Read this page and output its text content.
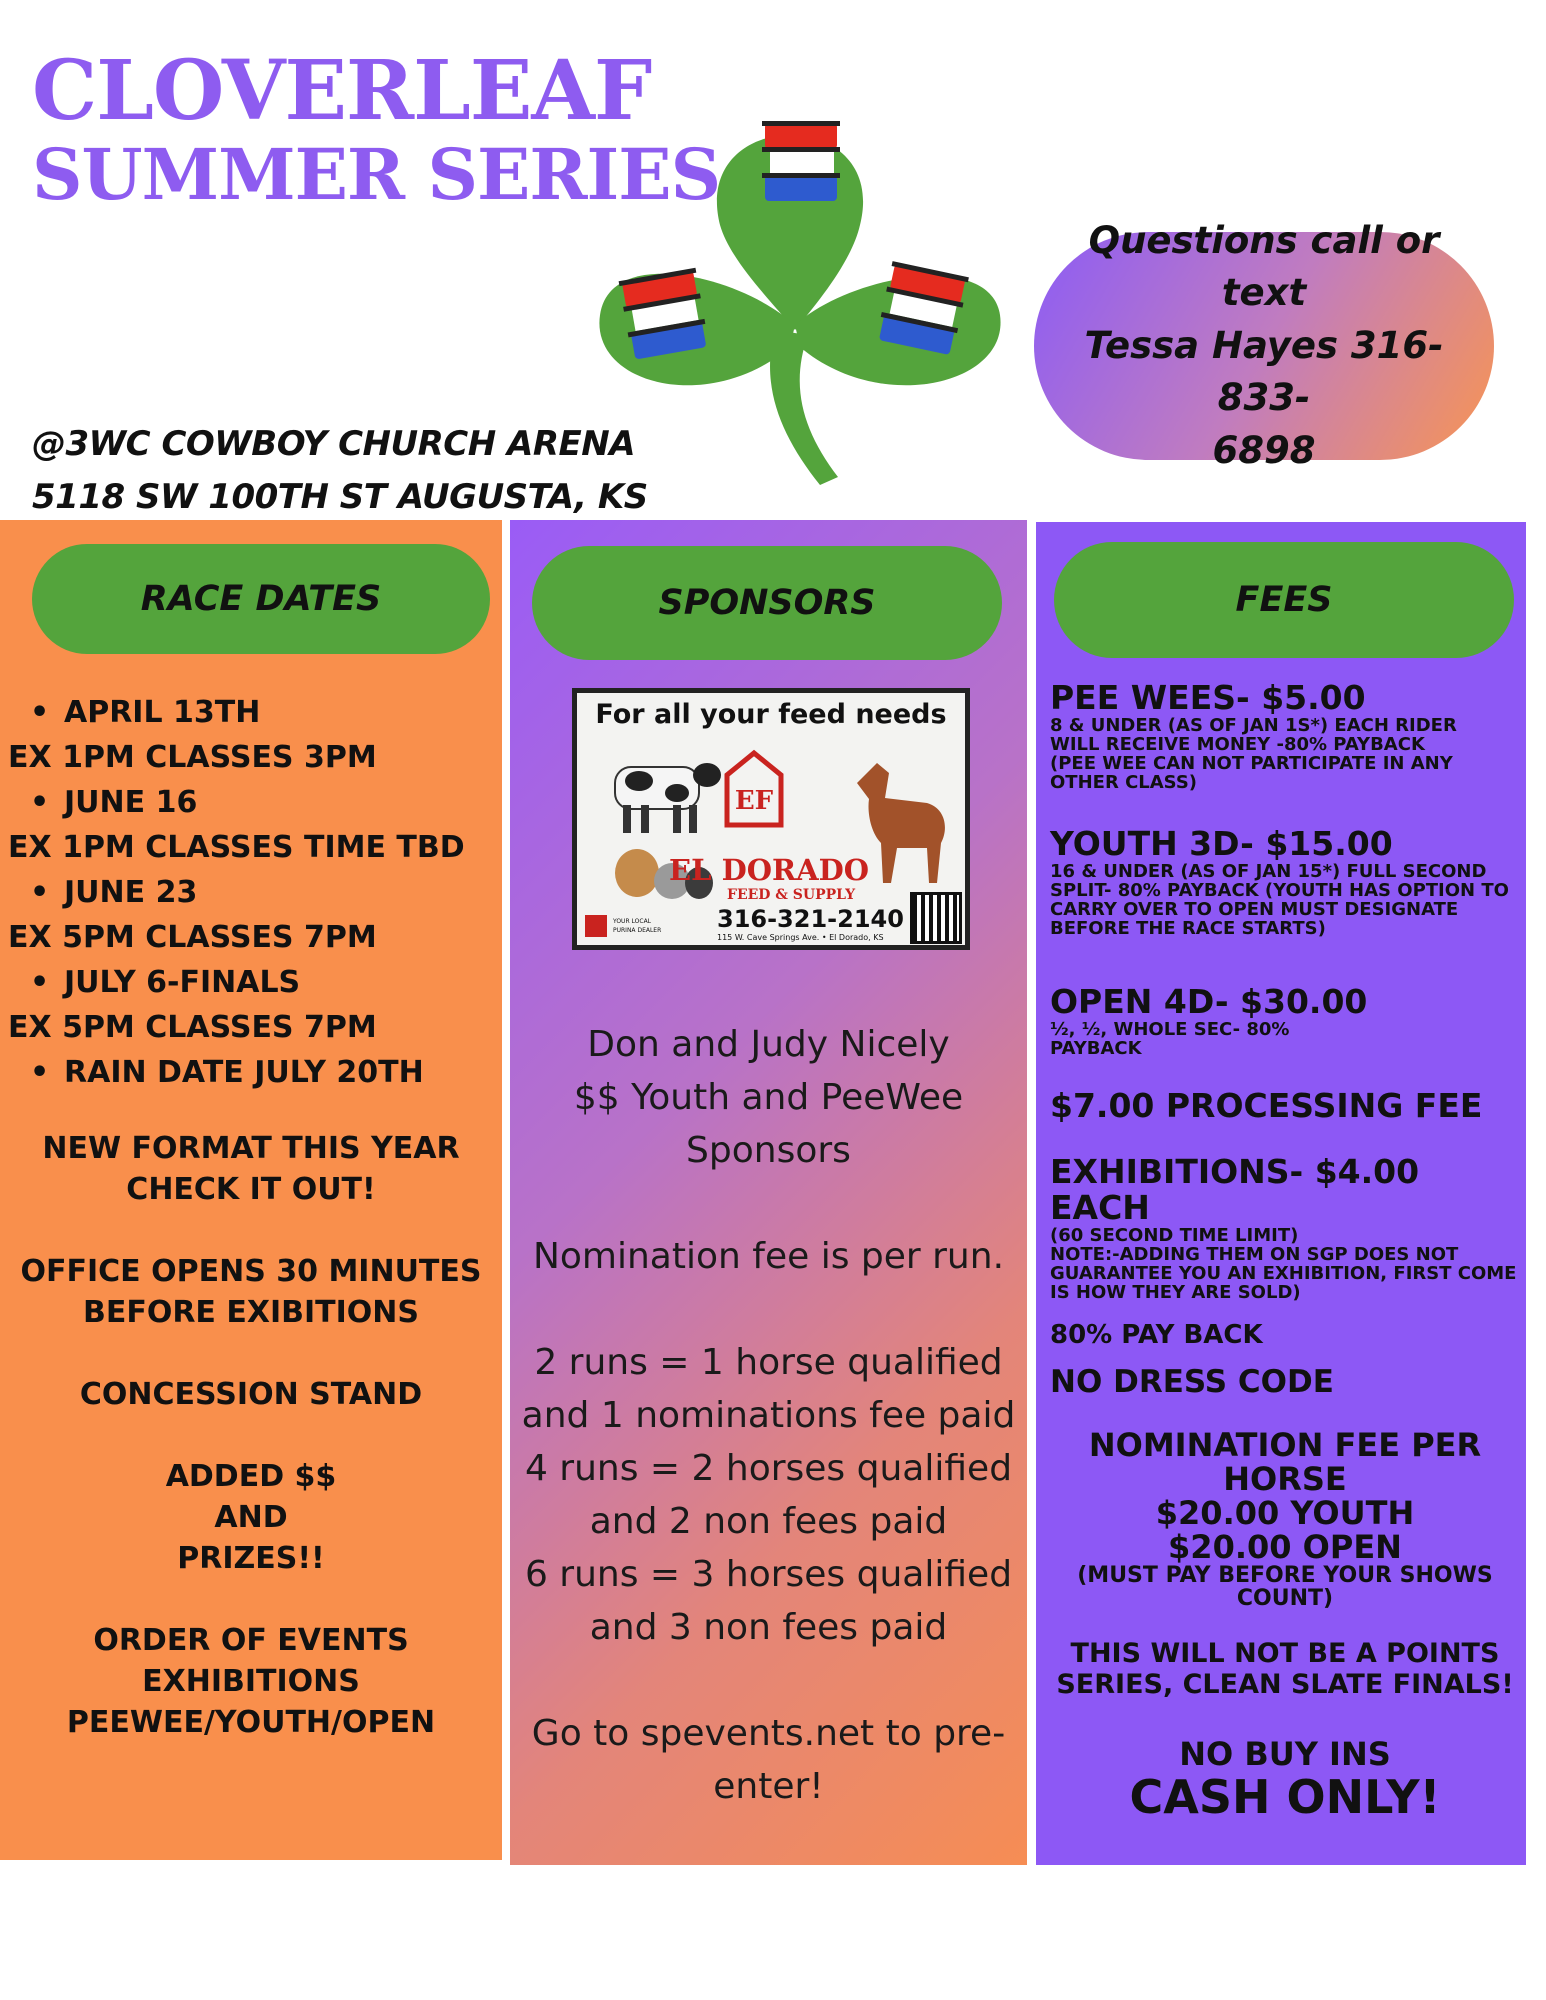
CLOVERLEAF
SUMMER SERIES
Questions call or text
Tessa Hayes 316-833-
6898
@3WC COWBOY CHURCH ARENA
5118 SW 100TH ST AUGUSTA, KS
RACE DATES
• APRIL 13TH
EX 1PM CLASSES 3PM
• JUNE 16
EX 1PM CLASSES TIME TBD
• JUNE 23
EX 5PM CLASSES 7PM
• JULY 6-FINALS
EX 5PM CLASSES 7PM
• RAIN DATE JULY 20TH

NEW FORMAT THIS YEAR
CHECK IT OUT!

OFFICE OPENS 30 MINUTES
BEFORE EXIBITIONS

CONCESSION STAND

ADDED $$
AND
PRIZES!!

ORDER OF EVENTS
EXHIBITIONS
PEEWEE/YOUTH/OPEN

SPONSORS
For all your feed needs
EF
EL DORADO
FEED & SUPPLY
YOUR LOCAL
PURINA DEALER 316-321-2140
115 W. Cave Springs Ave. • El Dorado, KS
Don and Judy Nicely
$$ Youth and PeeWee
Sponsors
Nomination fee is per run.
2 runs = 1 horse qualified
and 1 nominations fee paid
4 runs = 2 horses qualified
and 2 non fees paid
6 runs = 3 horses qualified
and 3 non fees paid
Go to spevents.net to pre-
enter!
FEES

PEE WEES- $5.00

8 & UNDER (AS OF JAN 1S*) EACH RIDER
WILL RECEIVE MONEY -80% PAYBACK
(PEE WEE CAN NOT PARTICIPATE IN ANY
OTHER CLASS)

YOUTH 3D- $15.00

16 & UNDER (AS OF JAN 15*) FULL SECOND
SPLIT- 80% PAYBACK (YOUTH HAS OPTION TO
CARRY OVER TO OPEN MUST DESIGNATE
BEFORE THE RACE STARTS)

OPEN 4D- $30.00

½, ½, WHOLE SEC- 80%
PAYBACK

$7.00 PROCESSING FEE

EXHIBITIONS- $4.00 EACH

(60 SECOND TIME LIMIT)
NOTE:-ADDING THEM ON SGP DOES NOT
GUARANTEE YOU AN EXHIBITION, FIRST COME
IS HOW THEY ARE SOLD)

80% PAY BACK

NO DRESS CODE

NOMINATION FEE PER
HORSE
$20.00 YOUTH
$20.00 OPEN

(MUST PAY BEFORE YOUR SHOWS
COUNT)

THIS WILL NOT BE A POINTS
SERIES, CLEAN SLATE FINALS!

NO BUY INS

CASH ONLY!
